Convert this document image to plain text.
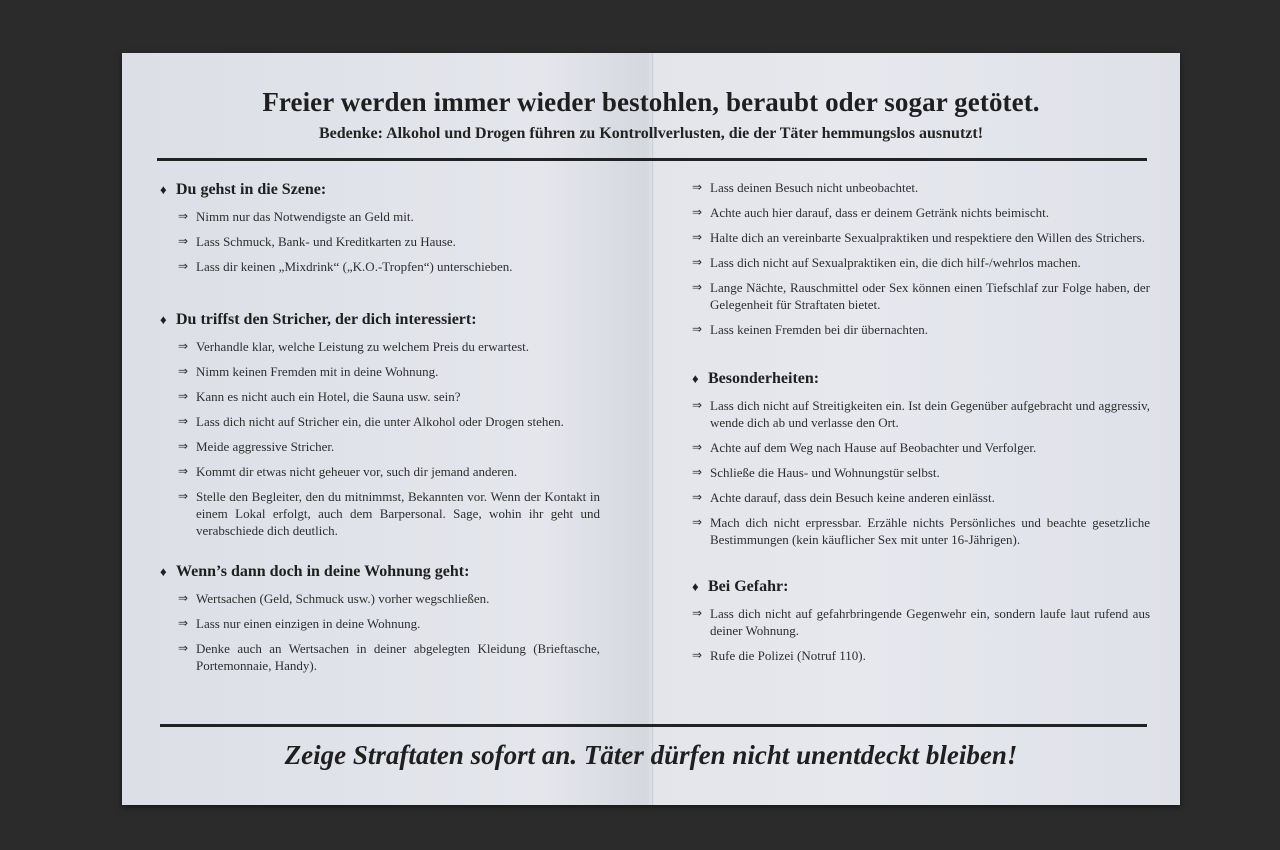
Freier werden immer wieder bestohlen, beraubt oder sogar getötet.
Bedenke: Alkohol und Drogen führen zu Kontrollverlusten, die der Täter hemmungslos ausnutzt!
♦ Du gehst in die Szene:
⇒ Nimm nur das Notwendigste an Geld mit.
⇒ Lass Schmuck, Bank- und Kreditkarten zu Hause.
⇒ Lass dir keinen „Mixdrink“ („K.O.-Tropfen“) unterschieben.
♦ Du triffst den Stricher, der dich interessiert:
⇒ Verhandle klar, welche Leistung zu welchem Preis du erwartest.
⇒ Nimm keinen Fremden mit in deine Wohnung.
⇒ Kann es nicht auch ein Hotel, die Sauna usw. sein?
⇒ Lass dich nicht auf Stricher ein, die unter Alkohol oder Drogen stehen.
⇒ Meide aggressive Stricher.
⇒ Kommt dir etwas nicht geheuer vor, such dir jemand anderen.
⇒ Stelle den Begleiter, den du mitnimmst, Bekannten vor. Wenn der Kontakt in einem Lokal erfolgt, auch dem Barpersonal. Sage, wohin ihr geht und verabschiede dich deutlich.
♦ Wenn’s dann doch in deine Wohnung geht:
⇒ Wertsachen (Geld, Schmuck usw.) vorher wegschließen.
⇒ Lass nur einen einzigen in deine Wohnung.
⇒ Denke auch an Wertsachen in deiner abgelegten Kleidung (Brieftasche, Portemonnaie, Handy).
⇒ Lass deinen Besuch nicht unbeobachtet.
⇒ Achte auch hier darauf, dass er deinem Getränk nichts beimischt.
⇒ Halte dich an vereinbarte Sexualpraktiken und respektiere den Willen des Strichers.
⇒ Lass dich nicht auf Sexualpraktiken ein, die dich hilf-/wehrlos machen.
⇒ Lange Nächte, Rauschmittel oder Sex können einen Tiefschlaf zur Folge haben, der Gelegenheit für Straftaten bietet.
⇒ Lass keinen Fremden bei dir übernachten.
♦ Besonderheiten:
⇒ Lass dich nicht auf Streitigkeiten ein. Ist dein Gegenüber aufgebracht und aggressiv, wende dich ab und verlasse den Ort.
⇒ Achte auf dem Weg nach Hause auf Beobachter und Verfolger.
⇒ Schließe die Haus- und Wohnungstür selbst.
⇒ Achte darauf, dass dein Besuch keine anderen einlässt.
⇒ Mach dich nicht erpressbar. Erzähle nichts Persönliches und beachte gesetzliche Bestimmungen (kein käuflicher Sex mit unter 16-Jährigen).
♦ Bei Gefahr:
⇒ Lass dich nicht auf gefahrbringende Gegenwehr ein, sondern laufe laut rufend aus deiner Wohnung.
⇒ Rufe die Polizei (Notruf 110).
Zeige Straftaten sofort an. Täter dürfen nicht unentdeckt bleiben!
